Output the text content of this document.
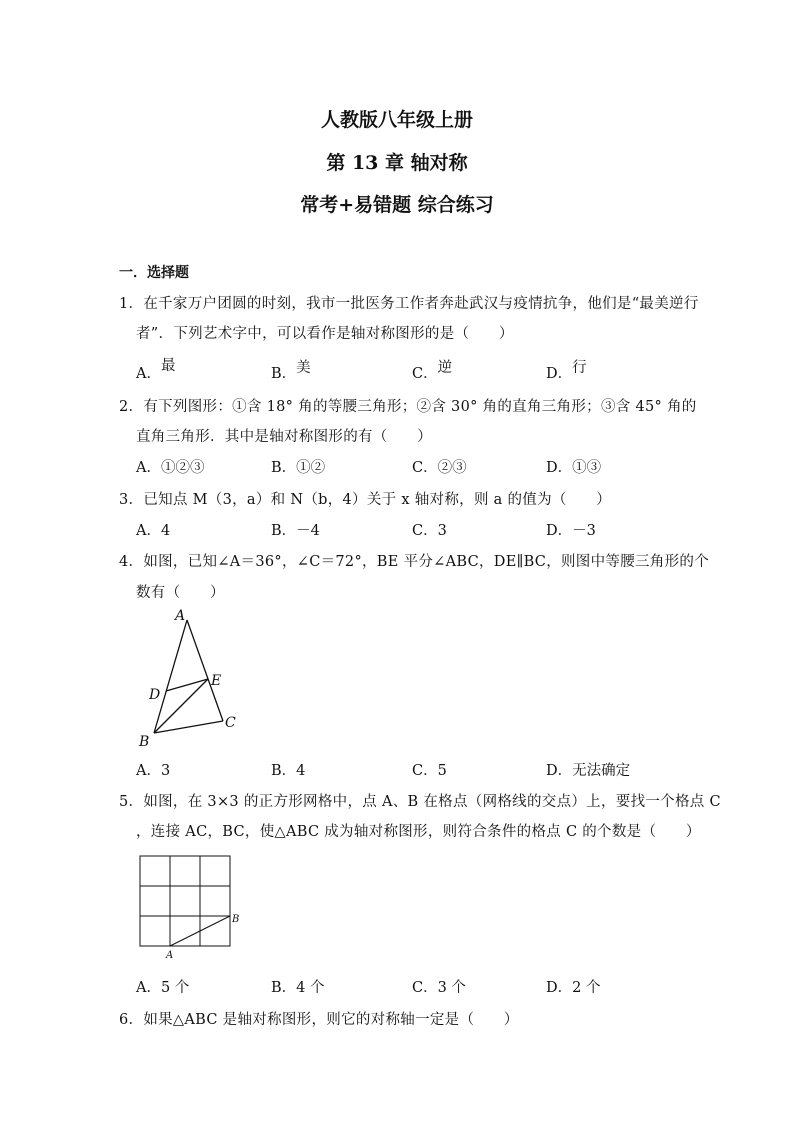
人教版八年级上册
第 13 章 轴对称
常考+易错题 综合练习
一．选择题
1．在千家万户团圆的时刻，我市一批医务工作者奔赴武汉与疫情抗争，他们是“最美逆行
者”．下列艺术字中，可以看作是轴对称图形的是（　　）
A．最	B．美	C．逆	D．行
2．有下列图形：①含 18° 角的等腰三角形；②含 30° 角的直角三角形；③含 45° 角的
直角三角形．其中是轴对称图形的有（　　）
A．①②③	B．①②	C．②③	D．①③
3．已知点 M（3，a）和 N（b，4）关于 x 轴对称，则 a 的值为（　　）
A．4	B．－4	C．3	D．－3
4．如图，已知∠A＝36°，∠C＝72°，BE 平分∠ABC，DE∥BC，则图中等腰三角形的个
数有（　　）
A
B
C
D
E
A．3	B．4	C．5	D．无法确定
5．如图，在 3×3 的正方形网格中，点 A、B 在格点（网格线的交点）上，要找一个格点 C
，连接 AC，BC，使△ABC 成为轴对称图形，则符合条件的格点 C 的个数是（　　）
A
B
A．5 个	B．4 个	C．3 个	D．2 个
6．如果△ABC 是轴对称图形，则它的对称轴一定是（　　）
